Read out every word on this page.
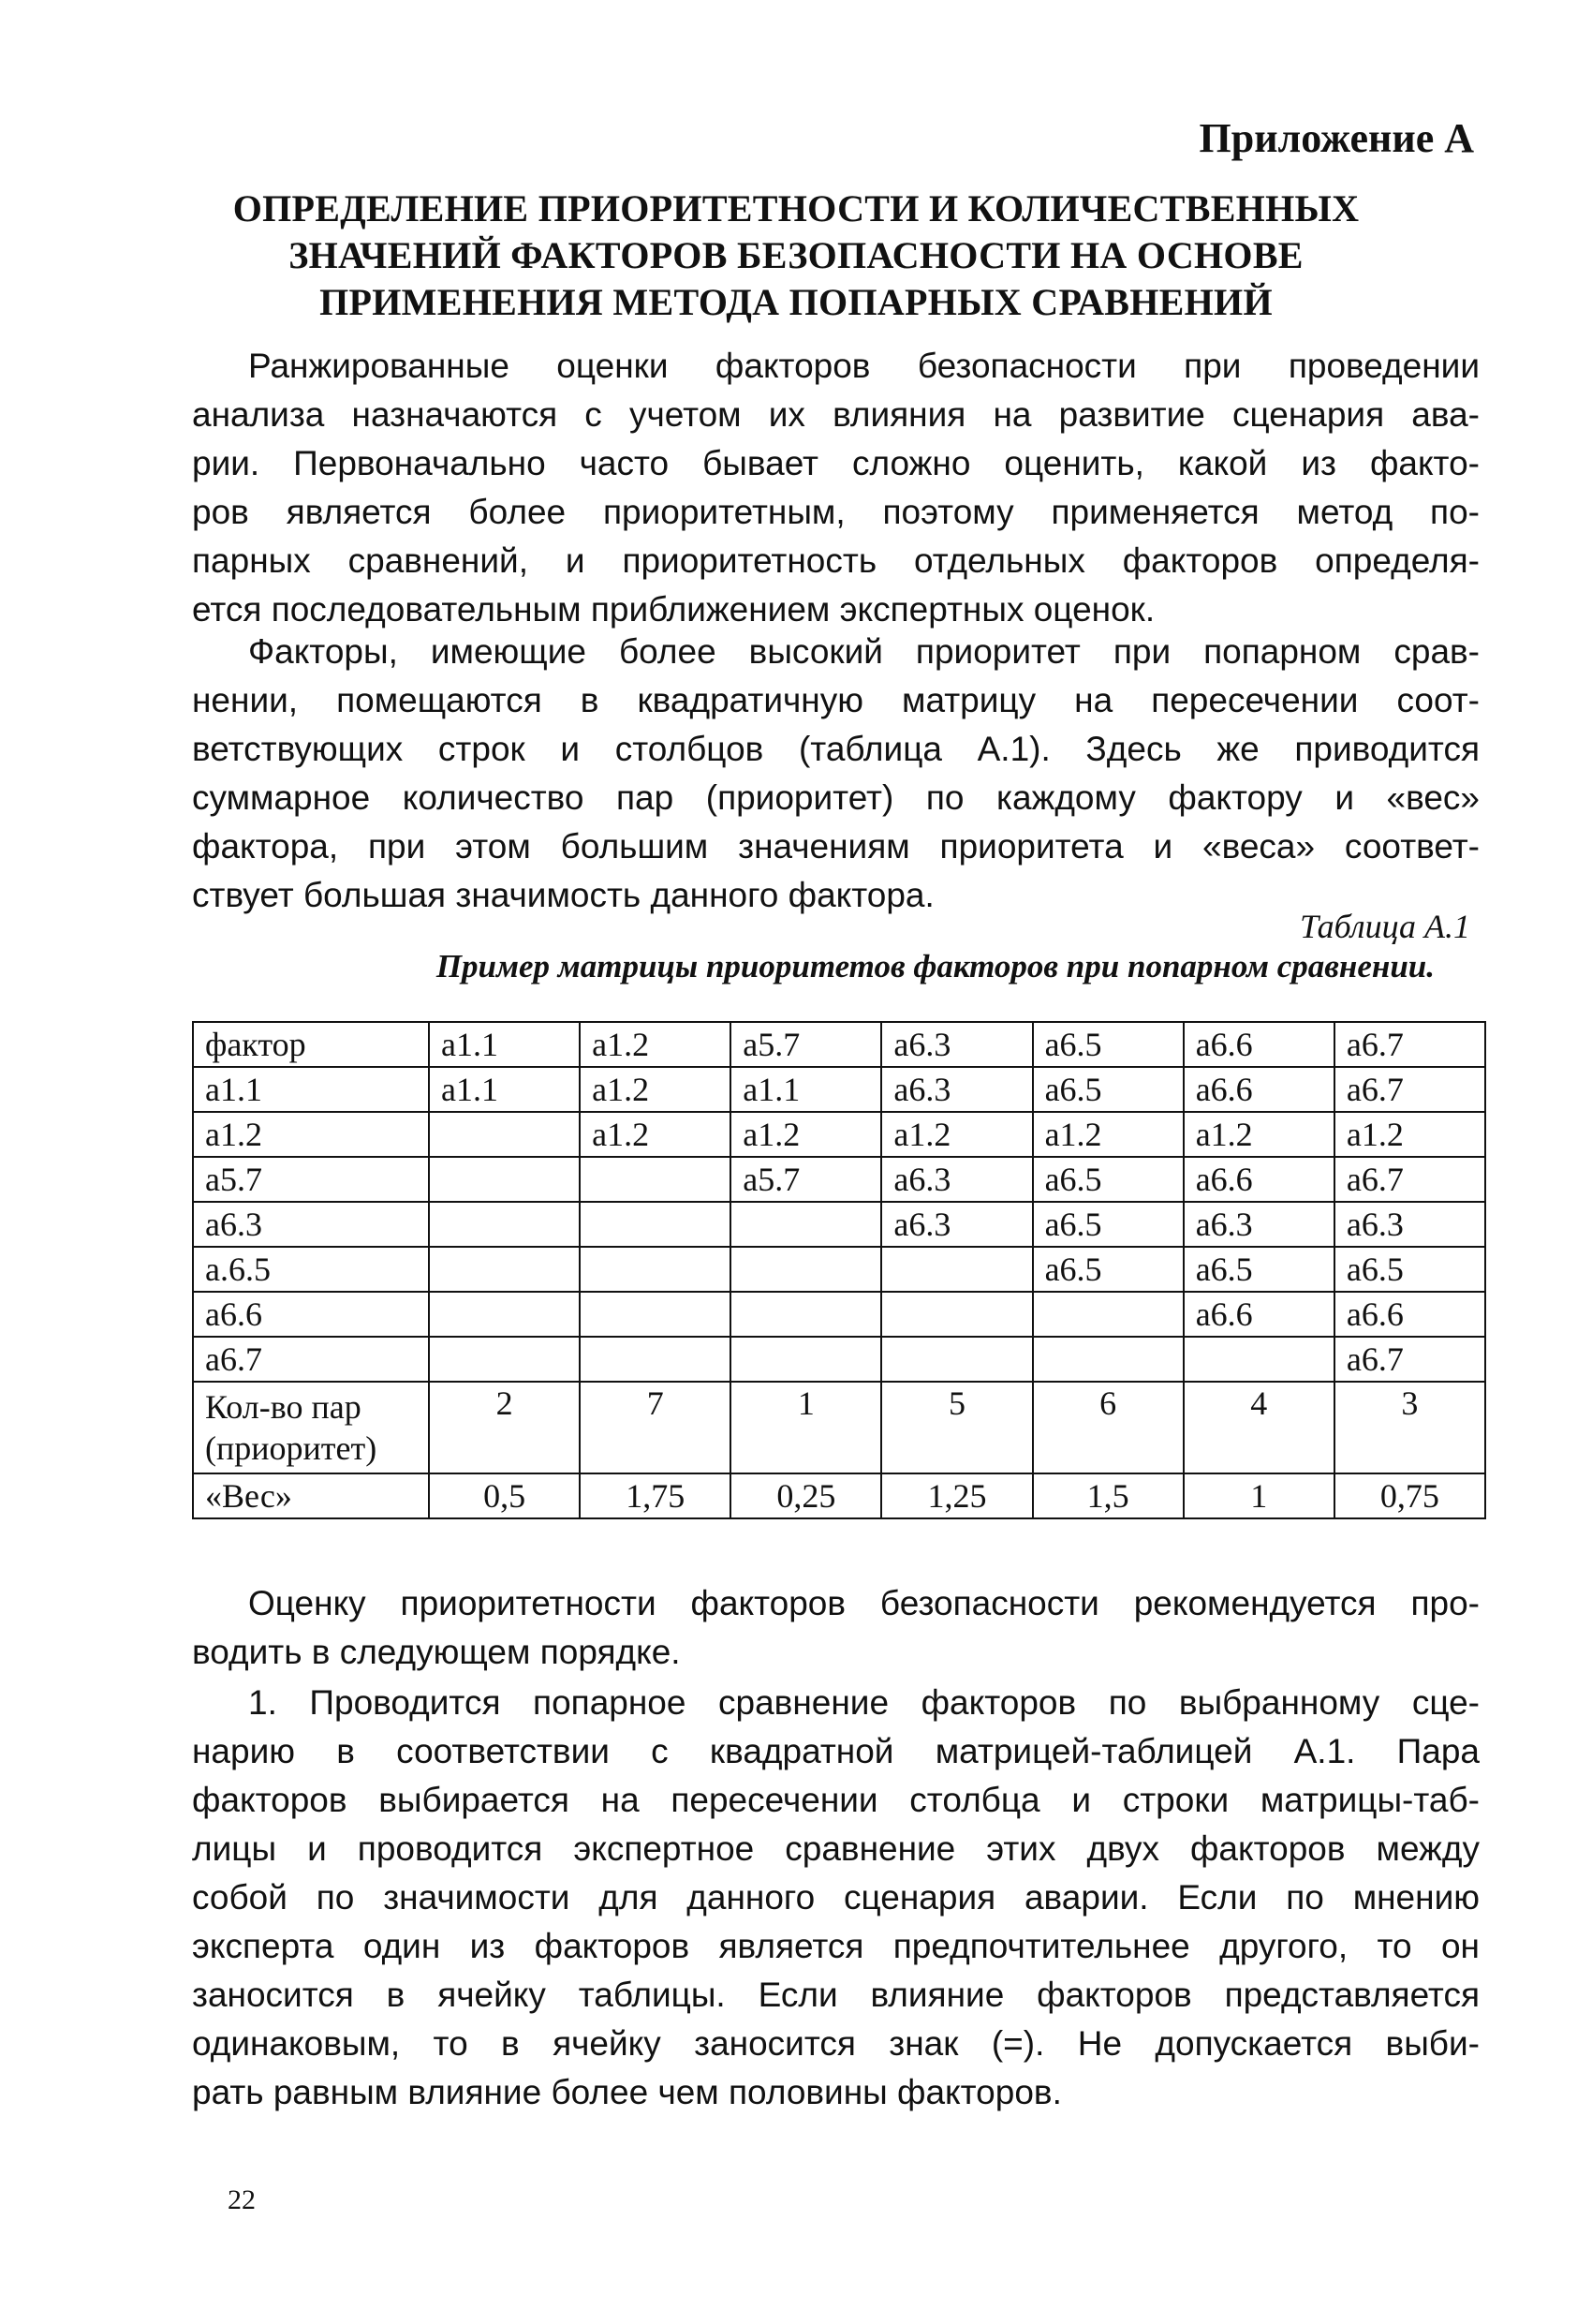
Приложение А
ОПРЕДЕЛЕНИЕ ПРИОРИТЕТНОСТИ И КОЛИЧЕСТВЕННЫХ
ЗНАЧЕНИЙ ФАКТОРОВ БЕЗОПАСНОСТИ НА ОСНОВЕ
ПРИМЕНЕНИЯ МЕТОДА ПОПАРНЫХ СРАВНЕНИЙ
Ранжированные оценки факторов безопасности при проведении
анализа назначаются с учетом их влияния на развитие сценария ава-
рии. Первоначально часто бывает сложно оценить, какой из факто-
ров является более приоритетным, поэтому применяется метод по-
парных сравнений, и приоритетность отдельных факторов определя-
ется последовательным приближением экспертных оценок.
Факторы, имеющие более высокий приоритет при попарном срав-
нении, помещаются в квадратичную матрицу на пересечении соот-
ветствующих строк и столбцов (таблица А.1). Здесь же приводится
суммарное количество пар (приоритет) по каждому фактору и «вес»
фактора, при этом большим значениям приоритета и «веса» соответ-
ствует большая значимость данного фактора.
Таблица А.1
Пример матрицы приоритетов факторов при попарном сравнении.
фактор	a1.1	a1.2	a5.7	a6.3	a6.5	a6.6	a6.7
a1.1	a1.1	a1.2	a1.1	a6.3	a6.5	a6.6	a6.7
a1.2		a1.2	a1.2	a1.2	a1.2	a1.2	a1.2
a5.7			a5.7	a6.3	a6.5	a6.6	a6.7
a6.3				a6.3	a6.5	a6.3	a6.3
a.6.5					a6.5	a6.5	a6.5
a6.6						a6.6	a6.6
a6.7							a6.7

Кол-во пар
(приоритет)	2	7	1	5	6	4	3
«Вес»	0,5	1,75	0,25	1,25	1,5	1	0,75
Оценку приоритетности факторов безопасности рекомендуется про-
водить в следующем порядке.
1. Проводится попарное сравнение факторов по выбранному сце-
нарию в соответствии с квадратной матрицей-таблицей А.1. Пара
факторов выбирается на пересечении столбца и строки матрицы-таб-
лицы и проводится экспертное сравнение этих двух факторов между
собой по значимости для данного сценария аварии. Если по мнению
эксперта один из факторов является предпочтительнее другого, то он
заносится в ячейку таблицы. Если влияние факторов представляется
одинаковым, то в ячейку заносится знак (=). Не допускается выби-
рать равным влияние более чем половины факторов.
22
